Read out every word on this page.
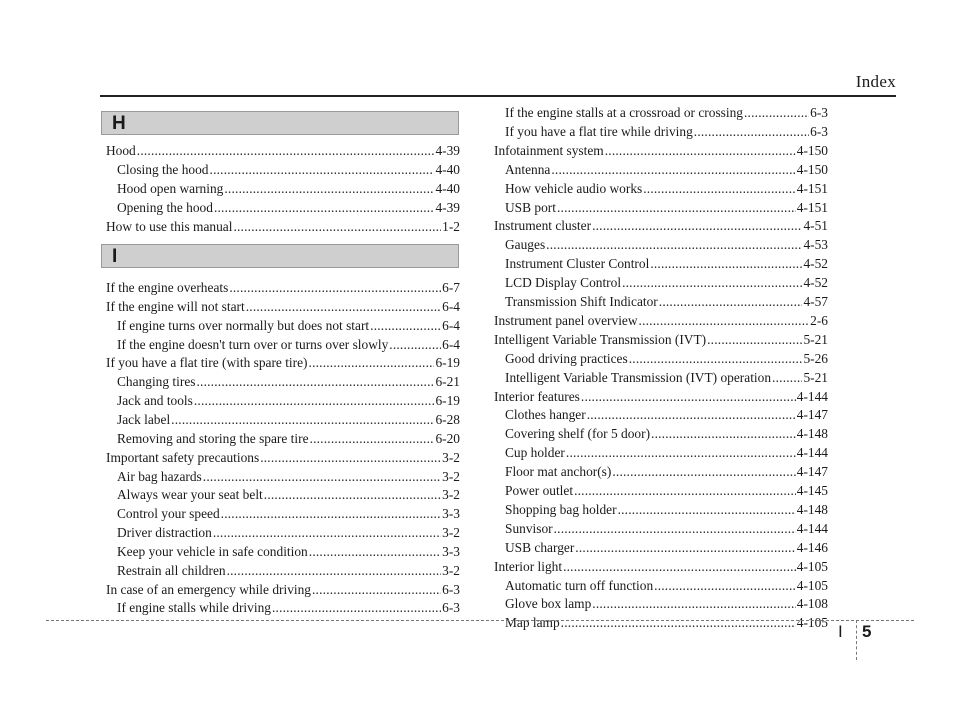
Index
H
I
Hood .....	4-39
Closing the hood .....	4-40
Hood open warning .....	4-40
Opening the hood .....	4-39
How to use this manual .....	1-2
If the engine overheats .....	6-7
If the engine will not start .....	6-4
If engine turns over normally but does not start .....	6-4
If the engine doesn't turn over or turns over slowly .....	6-4
If you have a flat tire (with spare tire) .....	6-19
Changing tires .....	6-21
Jack and tools .....	6-19
Jack label .....	6-28
Removing and storing the spare tire .....	6-20
Important safety precautions .....	3-2
Air bag hazards .....	3-2
Always wear your seat belt .....	3-2
Control your speed .....	3-3
Driver distraction .....	3-2
Keep your vehicle in safe condition .....	3-3
Restrain all children .....	3-2
In case of an emergency while driving .....	6-3
If engine stalls while driving .....	6-3
If the engine stalls at a crossroad or crossing .....	6-3
If you have a flat tire while driving .....	6-3
Infotainment system .....	4-150
Antenna .....	4-150
How vehicle audio works .....	4-151
USB port .....	4-151
Instrument cluster .....	4-51
Gauges .....	4-53
Instrument Cluster Control .....	4-52
LCD Display Control .....	4-52
Transmission Shift Indicator .....	4-57
Instrument panel overview .....	2-6
Intelligent Variable Transmission (IVT) .....	5-21
Good driving practices .....	5-26
Intelligent Variable Transmission (IVT) operation ..... 5-21
Interior features .....	4-144
Clothes hanger .....	4-147
Covering shelf (for 5 door) .....	4-148
Cup holder .....	4-144
Floor mat anchor(s) .....	4-147
Power outlet .....	4-145
Shopping bag holder .....	4-148
Sunvisor .....	4-144
USB charger .....	4-146
Interior light .....	4-105
Automatic turn off function .....	4-105
Glove box lamp .....	4-108
Map lamp .....	4-105 I 5
